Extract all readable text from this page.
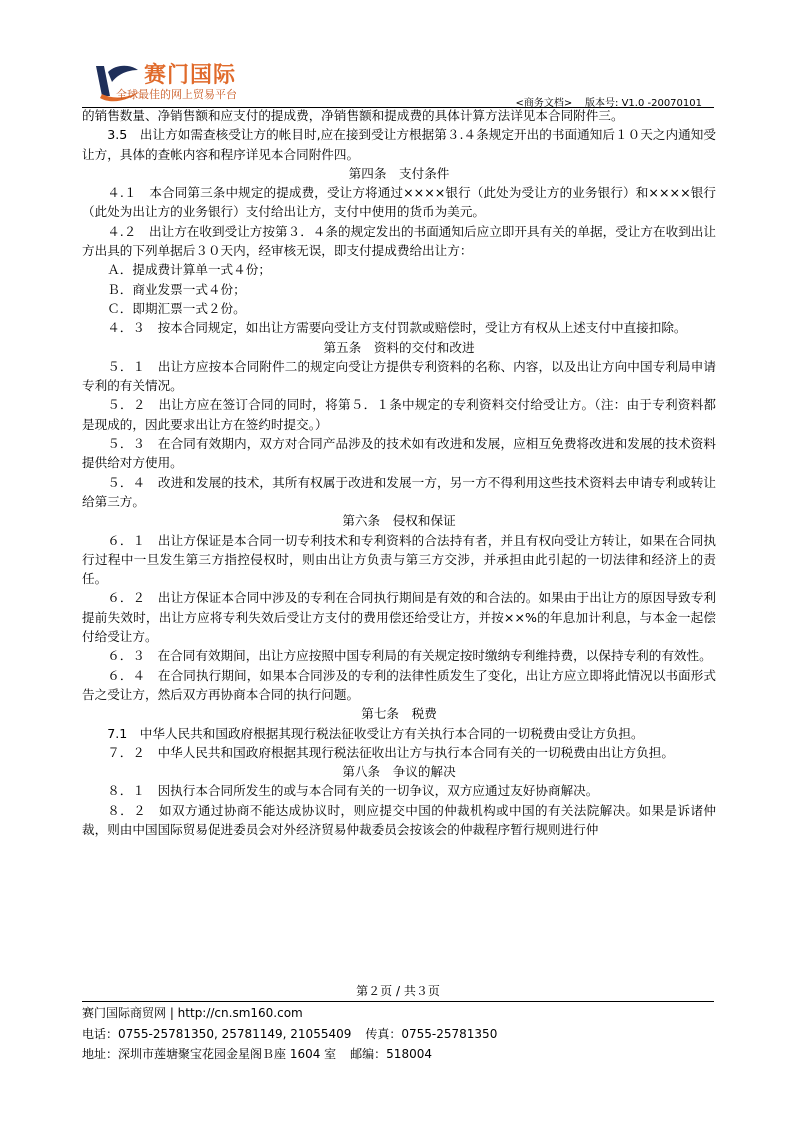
赛门国际
全球最佳的网上贸易平台
<商务文档> 版本号: V1.0 -20070101

的销售数量、净销售额和应支付的提成费，净销售额和提成费的具体计算方法详见本合同附件三。

3.5　出让方如需查核受让方的帐目时,应在接到受让方根据第３.４条规定开出的书面通知后１０天之内通知受让方，具体的查帐内容和程序详见本合同附件四。

第四条　支付条件

４.１　本合同第三条中规定的提成费，受让方将通过××××银行（此处为受让方的业务银行）和××××银行（此处为出让方的业务银行）支付给出让方，支付中使用的货币为美元。

４.２　出让方在收到受让方按第３．４条的规定发出的书面通知后应立即开具有关的单据，受让方在收到出让方出具的下列单据后３０天内，经审核无误，即支付提成费给出让方：

Ａ．提成费计算单一式４份；

Ｂ．商业发票一式４份；

Ｃ．即期汇票一式２份。

４．３　按本合同规定，如出让方需要向受让方支付罚款或赔偿时，受让方有权从上述支付中直接扣除。

第五条　资料的交付和改进

５．１　出让方应按本合同附件二的规定向受让方提供专利资料的名称、内容，以及出让方向中国专利局申请专利的有关情况。

５．２　出让方应在签订合同的同时，将第５．１条中规定的专利资料交付给受让方。（注：由于专利资料都是现成的，因此要求出让方在签约时提交。）

５．３　在合同有效期内，双方对合同产品涉及的技术如有改进和发展，应相互免费将改进和发展的技术资料提供给对方使用。

５．４　改进和发展的技术，其所有权属于改进和发展一方，另一方不得利用这些技术资料去申请专利或转让给第三方。

第六条　侵权和保证

６．１　出让方保证是本合同一切专利技术和专利资料的合法持有者，并且有权向受让方转让，如果在合同执行过程中一旦发生第三方指控侵权时，则由出让方负责与第三方交涉，并承担由此引起的一切法律和经济上的责任。

６．２　出让方保证本合同中涉及的专利在合同执行期间是有效的和合法的。如果由于出让方的原因导致专利提前失效时，出让方应将专利失效后受让方支付的费用偿还给受让方，并按××%的年息加计利息，与本金一起偿付给受让方。

６．３　在合同有效期间，出让方应按照中国专利局的有关规定按时缴纳专利维持费，以保持专利的有效性。

６．４　在合同执行期间，如果本合同涉及的专利的法律性质发生了变化，出让方应立即将此情况以书面形式告之受让方，然后双方再协商本合同的执行问题。

第七条　税费

7.1　中华人民共和国政府根据其现行税法征收受让方有关执行本合同的一切税费由受让方负担。

７．２　中华人民共和国政府根据其现行税法征收出让方与执行本合同有关的一切税费由出让方负担。

第八条　争议的解决

８．１　因执行本合同所发生的或与本合同有关的一切争议，双方应通过友好协商解决。

８．２　如双方通过协商不能达成协议时，则应提交中国的仲裁机构或中国的有关法院解决。如果是诉诸仲裁，则由中国国际贸易促进委员会对外经济贸易仲裁委员会按该会的仲裁程序暂行规则进行仲

第２页 / 共３页
赛门国际商贸网 | http://cn.sm160.com
电话：0755-25781350, 25781149, 21055409 传真：0755-25781350
地址：深圳市莲塘聚宝花园金星阁Ｂ座 1604 室 邮编：518004
